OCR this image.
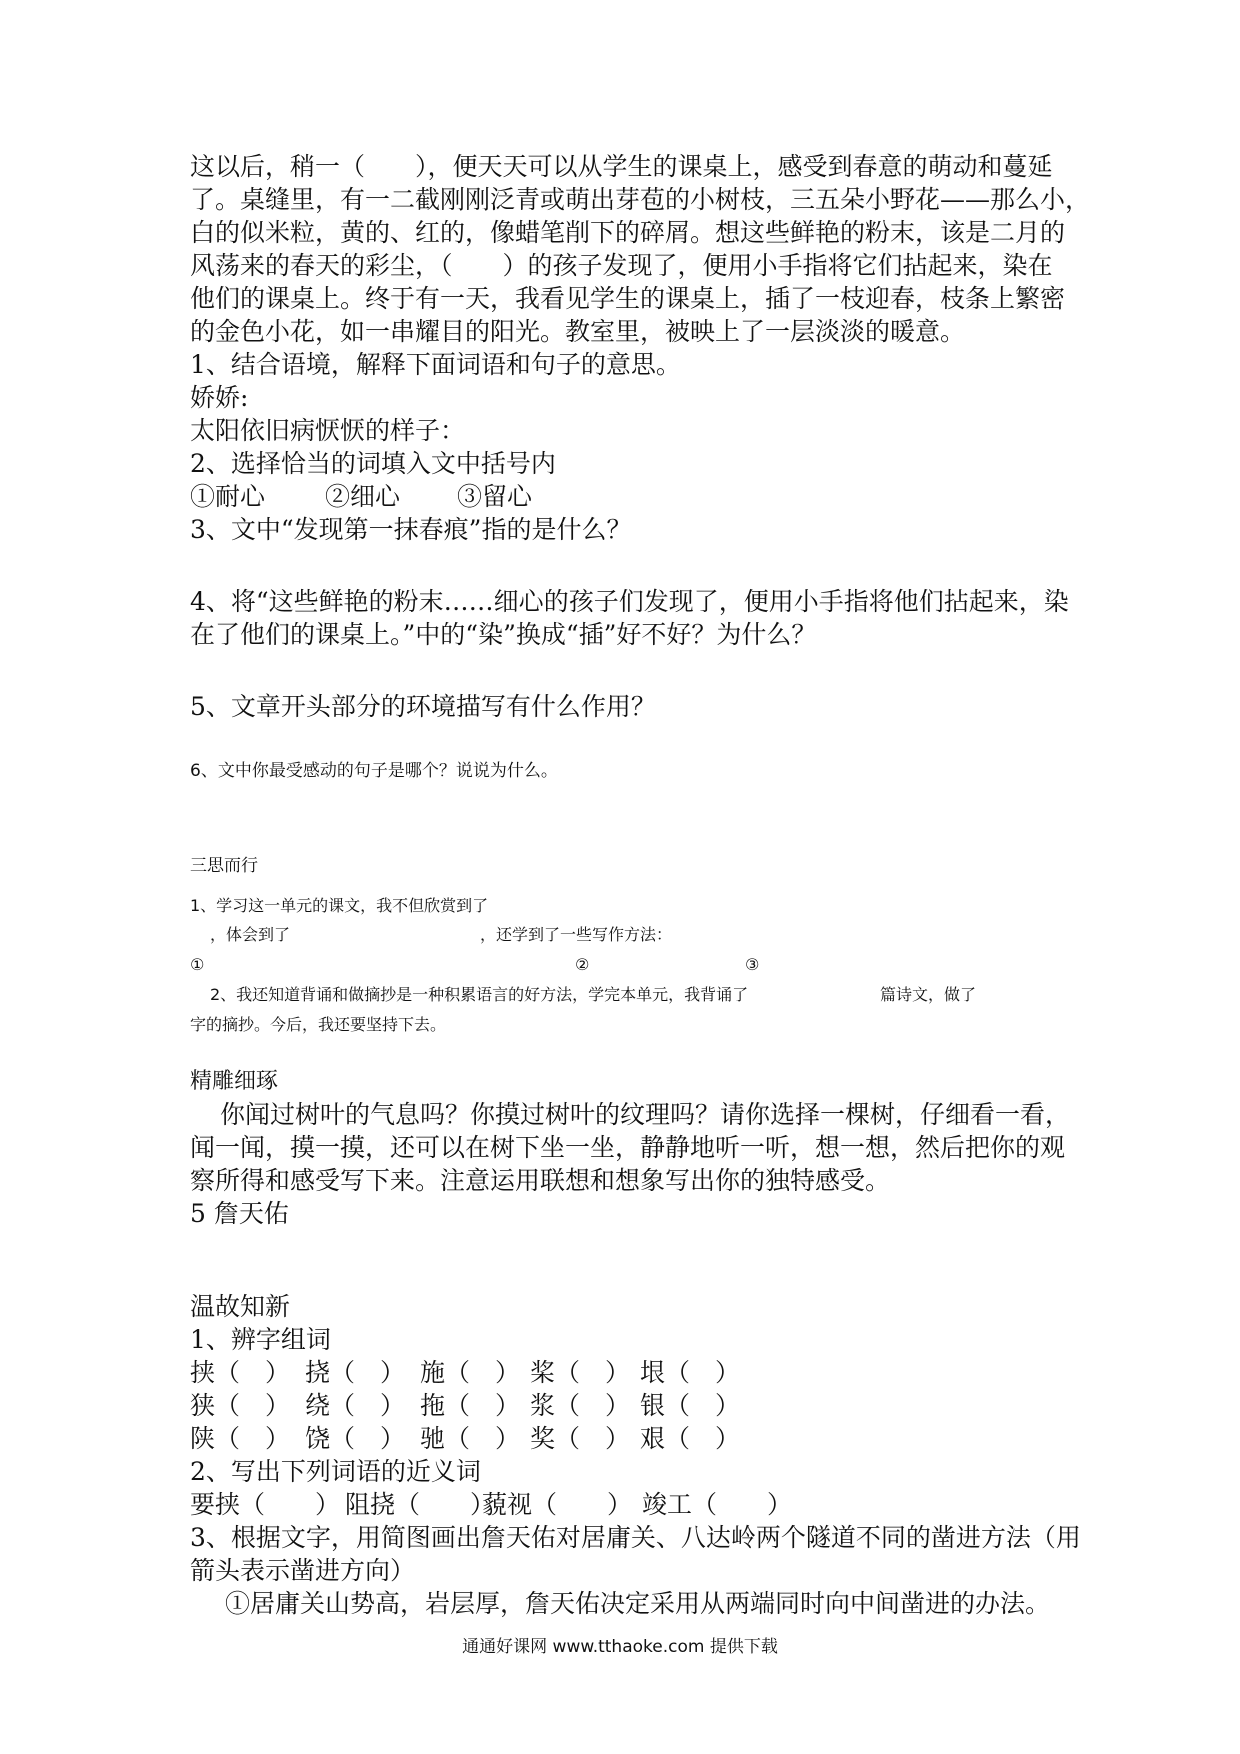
这以后，稍一（　　），便天天可以从学生的课桌上，感受到春意的萌动和蔓延

了。桌缝里，有一二截刚刚泛青或萌出芽苞的小树枝，三五朵小野花——那么小，

白的似米粒，黄的、红的，像蜡笔削下的碎屑。想这些鲜艳的粉末，该是二月的

风荡来的春天的彩尘，（　　）的孩子发现了，便用小手指将它们拈起来，染在

他们的课桌上。终于有一天，我看见学生的课桌上，插了一枝迎春，枝条上繁密

的金色小花，如一串耀目的阳光。教室里，被映上了一层淡淡的暖意。

1、结合语境，解释下面词语和句子的意思。

娇娇:

太阳依旧病恹恹的样子：

2、选择恰当的词填入文中括号内

①耐心 ②细心 ③留心

3、文中“发现第一抹春痕”指的是什么？

4、将“这些鲜艳的粉末……细心的孩子们发现了，便用小手指将他们拈起来，染

在了他们的课桌上。”中的“染”换成“插”好不好？为什么？

5、文章开头部分的环境描写有什么作用？

6、文中你最受感动的句子是哪个？说说为什么。

三思而行

1、学习这一单元的课文，我不但欣赏到了

，体会到了	，还学到了一些写作方法：
①	②	③
2、我还知道背诵和做摘抄是一种积累语言的好方法，学完本单元，我背诵了	篇诗文，做了

字的摘抄。今后，我还要坚持下去。

精雕细琢

你闻过树叶的气息吗？你摸过树叶的纹理吗？请你选择一棵树，仔细看一看，

闻一闻，摸一摸，还可以在树下坐一坐，静静地听一听，想一想，然后把你的观

察所得和感受写下来。注意运用联想和想象写出你的独特感受。

5 詹天佑

温故知新

1、辨字组词

挟（　） 挠（　） 施（　） 桨（　） 垠（　）
狭（　） 绕（　） 拖（　） 浆（　） 银（　）
陕（　） 饶（　） 驰（　） 奖（　） 艰（　）

2、写出下列词语的近义词

要挟（　　） 阻挠（　　）
藐视（　　） 竣工（　　）

3、根据文字，用简图画出詹天佑对居庸关、八达岭两个隧道不同的凿进方法（用

箭头表示凿进方向）

①居庸关山势高，岩层厚，詹天佑决定采用从两端同时向中间凿进的办法。

通通好课网 www.tthaoke.com 提供下载
